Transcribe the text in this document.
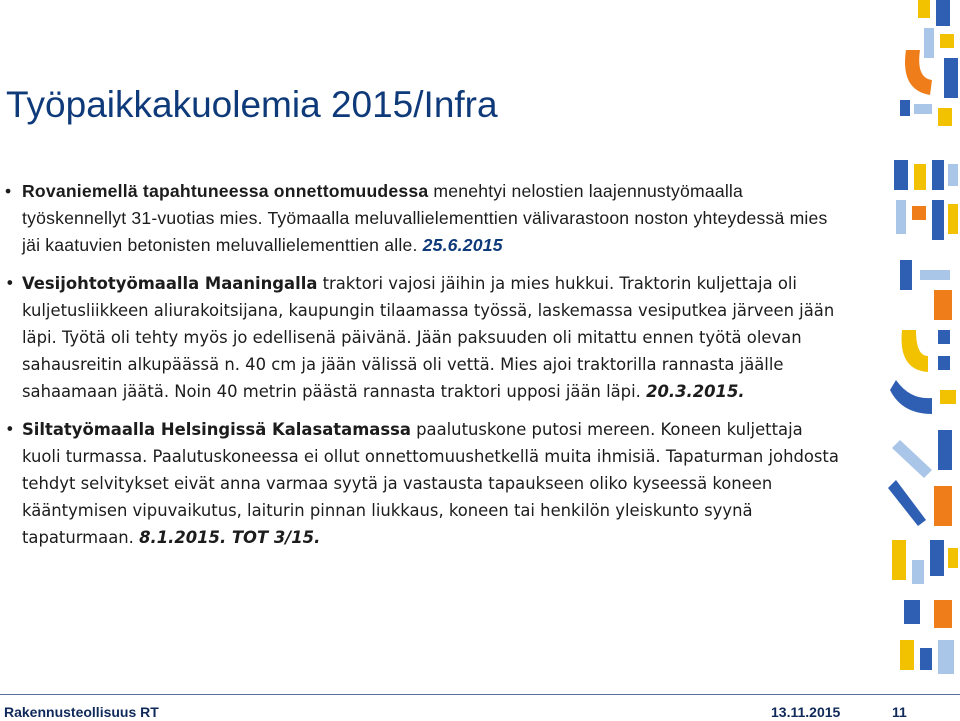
Työpaikkakuolemia 2015/Infra
• Rovaniemellä tapahtuneessa onnettomuudessa menehtyi nelostien laajennustyömaalla työskennellyt 31-vuotias mies. Työmaalla meluvallielementtien välivarastoon noston yhteydessä mies jäi kaatuvien betonisten meluvallielementtien alle. 25.6.2015
• Vesijohtotyömaalla Maaningalla traktori vajosi jäihin ja mies hukkui. Traktorin kuljettaja oli kuljetusliikkeen aliurakoitsijana, kaupungin tilaamassa työssä, laskemassa vesiputkea järveen jään läpi. Työtä oli tehty myös jo edellisenä päivänä. Jään paksuuden oli mitattu ennen työtä olevan sahausreitin alkupäässä n. 40 cm ja jään välissä oli vettä. Mies ajoi traktorilla rannasta jäälle sahaamaan jäätä. Noin 40 metrin päästä rannasta traktori upposi jään läpi. 20.3.2015.
• Siltatyömaalla Helsingissä Kalasatamassa paalutuskone putosi mereen. Koneen kuljettaja kuoli turmassa. Paalutuskoneessa ei ollut onnettomuushetkellä muita ihmisiä. Tapaturman johdosta tehdyt selvitykset eivät anna varmaa syytä ja vastausta tapaukseen oliko kyseessä koneen kääntymisen vipuvaikutus, laiturin pinnan liukkaus, koneen tai henkilön yleiskunto syynä tapaturmaan. 8.1.2015. TOT 3/15.
Rakennusteollisuus RT	13.11.2015	11
